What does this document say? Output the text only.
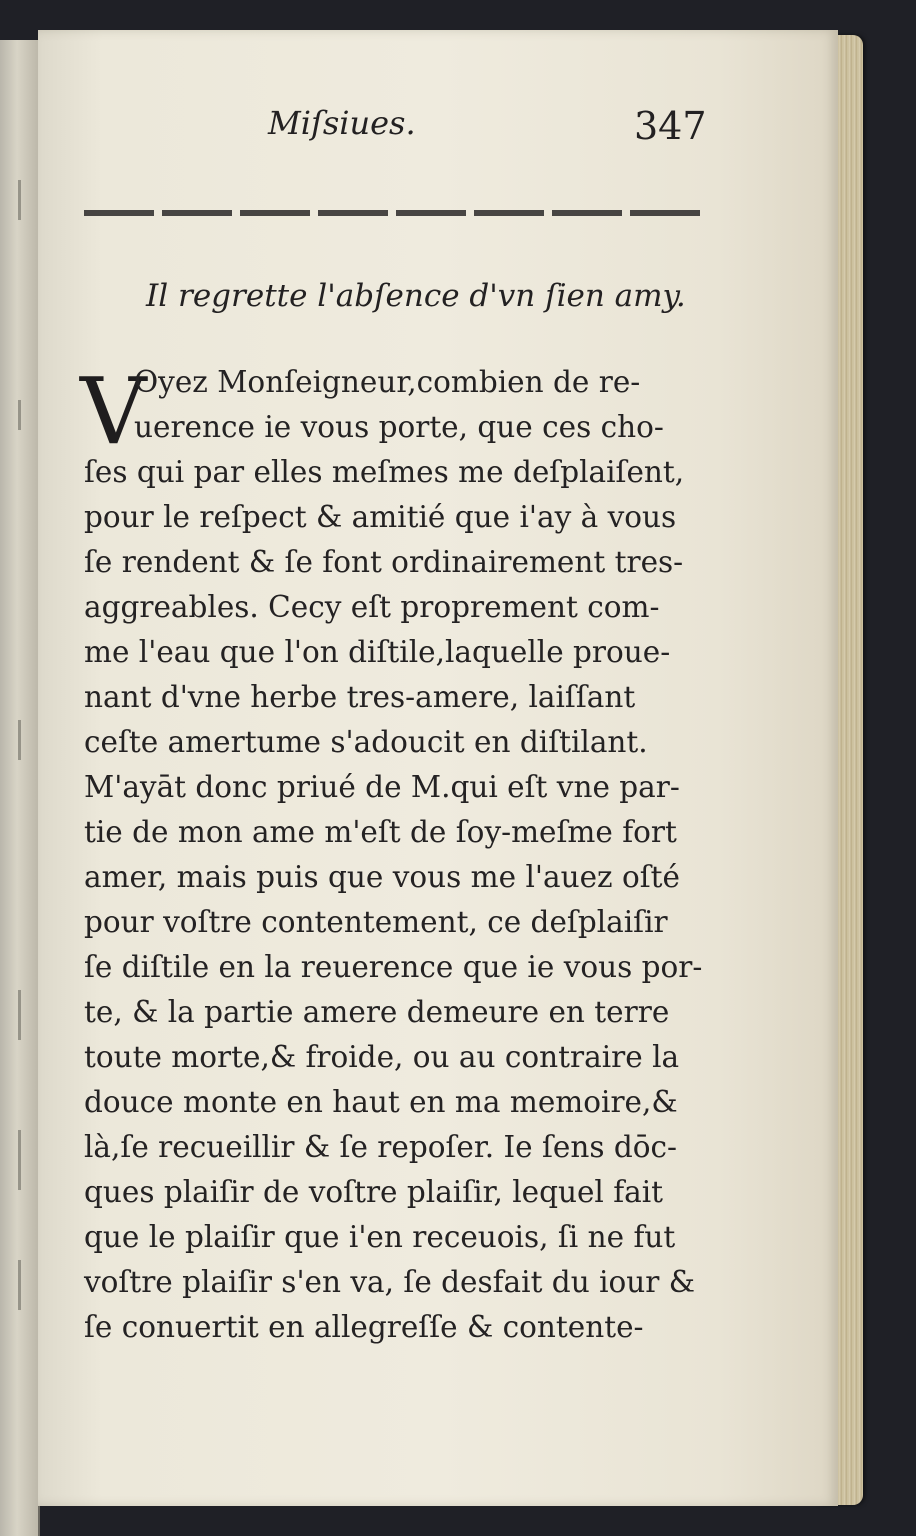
Miſsiues.	347
Il regrette l'abſence d'vn ſien amy.
V
Oyez Monſeigneur,combien de re-
uerence ie vous porte, que ces cho-
ſes qui par elles meſmes me deſplaiſent,
pour le reſpect & amitié que i'ay à vous
ſe rendent & ſe font ordinairement tres-
aggreables. Cecy eſt proprement com-
me l'eau que l'on diſtile,laquelle proue-
nant d'vne herbe tres-amere, laiſſant
ceſte amertume s'adoucit en diſtilant.
M'ayāt donc priué de M.qui eſt vne par-
tie de mon ame m'eſt de ſoy-meſme fort
amer, mais puis que vous me l'auez oſté
pour voſtre contentement, ce deſplaiſir
ſe diſtile en la reuerence que ie vous por-
te, & la partie amere demeure en terre
toute morte,& froide, ou au contraire la
douce monte en haut en ma memoire,&
là,ſe recueillir & ſe repoſer. Ie ſens dōc-
ques plaiſir de voſtre plaiſir, lequel fait
que le plaiſir que i'en receuois, ſi ne fut
voſtre plaiſir s'en va, ſe desfait du iour &
ſe conuertit en allegreſſe & contente-
